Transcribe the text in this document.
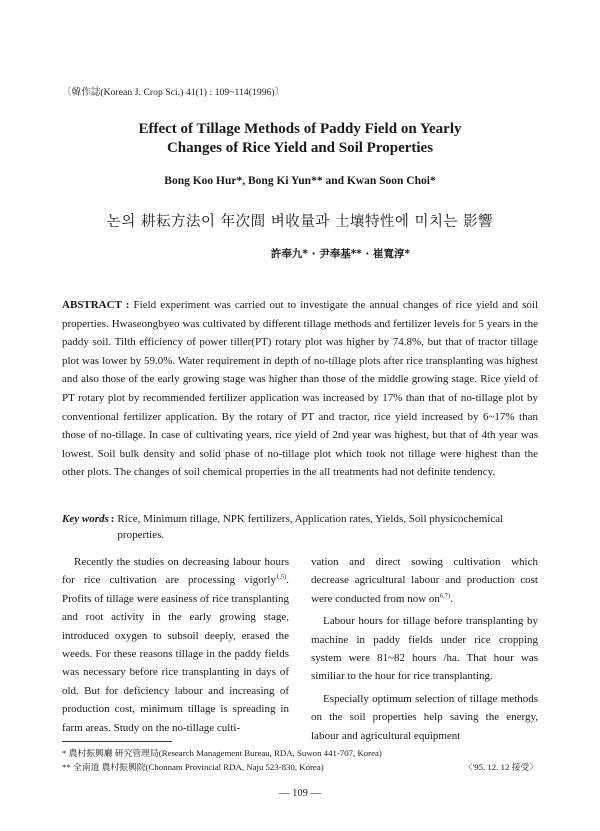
〔韓作誌(Korean J. Crop Sci.) 41(1) : 109~114(1996)〕
Effect of Tillage Methods of Paddy Field on Yearly
Changes of Rice Yield and Soil Properties
Bong Koo Hur*, Bong Ki Yun** and Kwan Soon Choi*
논의 耕耘方法이 年次間 벼收量과 土壤特性에 미치는 影響
許奉九* · 尹奉基** · 崔寬淳*
ABSTRACT : Field experiment was carried out to investigate the annual changes of rice yield and soil properties. Hwaseongbyeo was cultivated by different tillage methods and fertilizer levels for 5 years in the paddy soil. Tilth efficiency of power tiller(PT) rotary plot was higher by 74.8%, but that of tractor tillage plot was lower by 59.0%. Water requirement in depth of no-tillage plots after rice transplanting was highest and also those of the early growing stage was higher than those of the middle growing stage. Rice yield of PT rotary plot by recommended fertilizer application was increased by 17% than that of no-tillage plot by conventional fertilizer application. By the rotary of PT and tractor, rice yield increased by 6~17% than those of no-tillage. In case of cultivating years, rice yield of 2nd year was highest, but that of 4th year was lowest. Soil bulk density and solid phase of no-tillage plot which took not tillage were highest than the other plots. The changes of soil chemical properties in the all treatments had not definite tendency.
Key words : Rice, Minimum tillage, NPK fertilizers, Application rates, Yields, Soil physicochemical properties.

Recently the studies on decreasing labour hours for rice cultivation are processing vigorly$^{1,5)}$. Profits of tillage were easiness of rice transplanting and root activity in the early growing stage, introduced oxygen to subsoil deeply, erased the weeds. For these reasons tillage in the paddy fields was necessary before rice transplanting in days of old. But for deficiency labour and increasing of production cost, minimum tillage is spreading in farm areas. Study on the no-tillage culti-

vation and direct sowing cultivation which decrease agricultural labour and production cost were conducted from now on$^{6,7)}$.

Labour hours for tillage before transplanting by machine in paddy fields under rice cropping system were 81~82 hours /ha. That hour was similiar to the hour for rice transplanting.

Especially optimum selection of tillage methods on the soil properties help saving the energy, labour and agricultural equipment

* 農村振興廳 硏究管理局(Research Management Bureau, RDA, Suwon 441-707, Korea)
** 全南道 農村振興院(Chonnam Provincial RDA, Naju 523-830, Korea)	〈'95. 12. 12 接受〉
— 109 —
